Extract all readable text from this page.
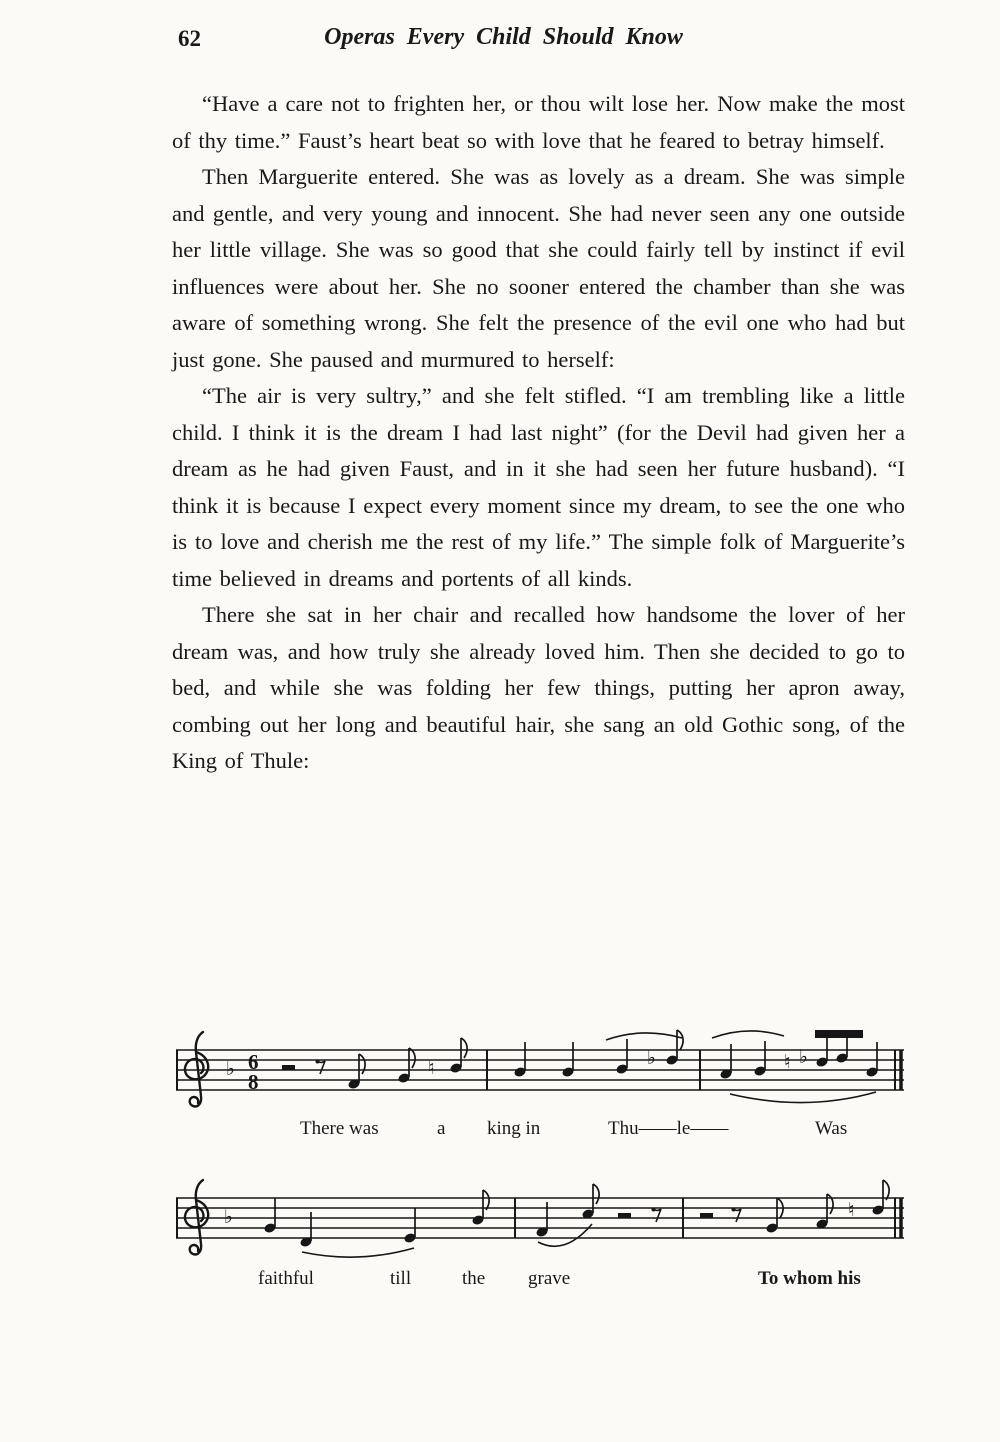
62	Operas Every Child Should Know

“Have a care not to frighten her, or thou wilt lose her. Now make the most of thy time.” Faust’s heart beat so with love that he feared to betray himself.

Then Marguerite entered. She was as lovely as a dream. She was simple and gentle, and very young and innocent. She had never seen any one outside her little village. She was so good that she could fairly tell by instinct if evil influences were about her. She no sooner entered the chamber than she was aware of something wrong. She felt the presence of the evil one who had but just gone. She paused and murmured to herself:

“The air is very sultry,” and she felt stifled. “I am trembling like a little child. I think it is the dream I had last night” (for the Devil had given her a dream as he had given Faust, and in it she had seen her future husband). “I think it is because I expect every moment since my dream, to see the one who is to love and cherish me the rest of my life.” The simple folk of Marguerite’s time believed in dreams and portents of all kinds.

There she sat in her chair and recalled how handsome the lover of her dream was, and how truly she already loved him. Then she decided to go to bed, and while she was folding her few things, putting her apron away, combing out her long and beautiful hair, she sang an old Gothic song, of the King of Thule:

♭ 6
8
♮	♭	♮ ♭
There was	a king in	Thu——le——	Was
♭	♮
faithful	till	the grave	To whom his
